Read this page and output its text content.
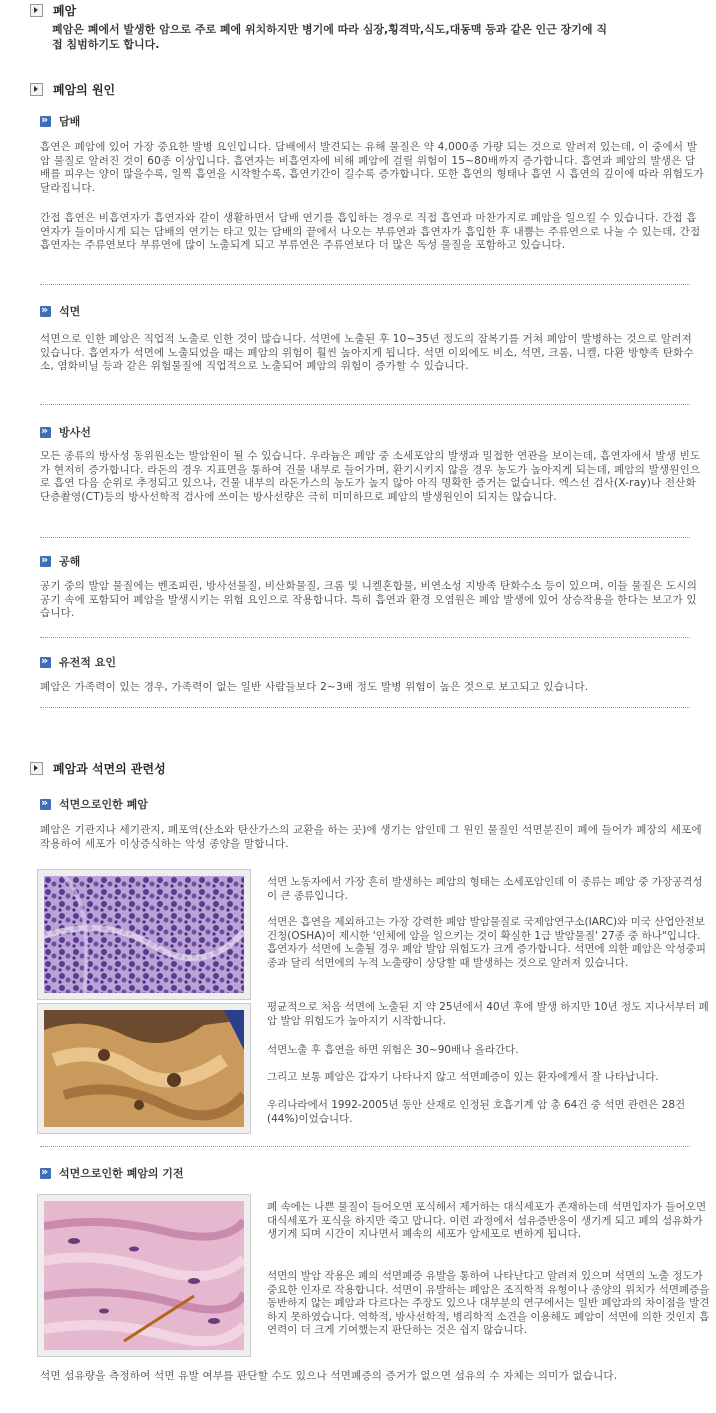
폐암
폐암은 폐에서 발생한 암으로 주로 폐에 위치하지만 병기에 따라 심장,횡격막,식도,대동맥 등과 같은 인근 장기에 직접 침범하기도 합니다.
폐암의 원인
»
담배
흡연은 폐암에 있어 가장 중요한 발병 요인입니다. 담배에서 발견되는 유해 물질은 약 4,000종 가량 되는 것으로 알려져 있는데, 이 중에서 발암 물질로 알려진 것이 60종 이상입니다. 흡연자는 비흡연자에 비해 폐암에 걸릴 위험이 15~80배까지 증가합니다. 흡연과 폐암의 발생은 담배를 피우는 양이 많을수록, 일찍 흡연을 시작할수록, 흡연기간이 길수록 증가합니다. 또한 흡연의 형태나 흡연 시 흡연의 깊이에 따라 위험도가 달라집니다.
간접 흡연은 비흡연자가 흡연자와 같이 생활하면서 담배 연기를 흡입하는 경우로 직접 흡연과 마찬가지로 폐암을 일으킬 수 있습니다. 간접 흡연자가 들이마시게 되는 담배의 연기는 타고 있는 담배의 끝에서 나오는 부류연과 흡연자가 흡입한 후 내뿜는 주류연으로 나눌 수 있는데, 간접 흡연자는 주류연보다 부류연에 많이 노출되게 되고 부류연은 주류연보다 더 많은 독성 물질을 포함하고 있습니다.
»
석면
석면으로 인한 폐암은 직업적 노출로 인한 것이 많습니다. 석면에 노출된 후 10~35년 정도의 잠복기를 거쳐 폐암이 발병하는 것으로 알려져 있습니다. 흡연자가 석면에 노출되었을 때는 폐암의 위험이 훨씬 높아지게 됩니다. 석면 이외에도 비소, 석면, 크롬, 니켈, 다환 방향족 탄화수소, 염화비닐 등과 같은 위험물질에 직업적으로 노출되어 폐암의 위험이 증가할 수 있습니다.
»
방사선
모든 종류의 방사성 동위원소는 발암원이 될 수 있습니다. 우라늄은 폐암 중 소세포암의 발생과 밀접한 연관을 보이는데, 흡연자에서 발생 빈도가 현저히 증가합니다. 라돈의 경우 지표면을 통하여 건물 내부로 들어가며, 환기시키지 않을 경우 농도가 높아지게 되는데, 폐암의 발생원인으로 흡연 다음 순위로 추정되고 있으나, 건물 내부의 라돈가스의 농도가 높지 않아 아직 명확한 증거는 없습니다. 엑스선 검사(X-ray)나 전산화단층촬영(CT)등의 방사선학적 검사에 쓰이는 방사선량은 극히 미미하므로 폐암의 발생원인이 되지는 않습니다.
»
공해
공기 중의 발암 물질에는 벤조피린, 방사선물질, 비산화물질, 크롬 및 니켈혼합물, 비연소성 지방족 탄화수소 등이 있으며, 이들 물질은 도시의 공기 속에 포함되어 폐암을 발생시키는 위험 요인으로 작용합니다. 특히 흡연과 환경 오염원은 폐암 발생에 있어 상승작용을 한다는 보고가 있습니다.
»
유전적 요인
폐암은 가족력이 있는 경우, 가족력이 없는 일반 사람들보다 2~3배 정도 발병 위험이 높은 것으로 보고되고 있습니다.
폐암과 석면의 관련성
»
석면으로인한 폐암
폐암은 기관지나 세기관지, 폐포역(산소와 탄산가스의 교환을 하는 곳)에 생기는 암인데 그 원인 물질인 석면분진이 폐에 들어가 폐장의 세포에 작용하여 세포가 이상증식하는 악성 종양을 말합니다.
석면 노동자에서 가장 흔히 발생하는 폐암의 형태는 소세포암인데 이 종류는 폐암 중 가장공격성이 큰 종류입니다.
석면은 흡연을 제외하고는 가장 강력한 폐암 발암물질로 국제암연구소(IARC)와 미국 산업안전보건청(OSHA)이 제시한 '인체에 암을 일으키는 것이 확실한 1급 발암물질' 27종 중 하나"입니다. 흡연자가 석면에 노출될 경우 폐암 발암 위험도가 크게 증가합니다. 석면에 의한 폐암은 악성중피종과 달리 석면에의 누적 노출량이 상당할 때 발생하는 것으로 알려져 있습니다.
평균적으로 처음 석면에 노출된 지 약 25년에서 40년 후에 발생 하지만 10년 정도 지나서부터 폐암 발암 위험도가 높아지기 시작합니다.
석면노출 후 흡연을 하면 위험은 30~90배나 올라간다.
그리고 보통 폐암은 갑자기 나타나지 않고 석면폐증이 있는 환자에게서 잘 나타납니다.
우리나라에서 1992-2005년 동안 산재로 인정된 호흡기계 암 총 64건 중 석면 관련은 28건(44%)이었습니다.
»
석면으로인한 폐암의 기전
폐 속에는 나쁜 물질이 들어오면 포식해서 제거하는 대식세포가 존재하는데 석면입자가 들어오면 대식세포가 포식을 하지만 죽고 맙니다. 이런 과정에서 섬유증반응이 생기게 되고 폐의 섬유화가 생기게 되며 시간이 지나면서 폐속의 세포가 암세포로 변하게 됩니다.
석면의 발암 작용은 폐의 석면폐증 유발을 통하여 나타난다고 알려져 있으며 석면의 노출 정도가 중요한 인자로 작용합니다. 석면이 유발하는 폐암은 조직학적 유형이나 종양의 위치가 석면폐증을 동반하지 않는 폐암과 다르다는 주장도 있으나 대부분의 연구에서는 일반 폐암과의 차이점을 발견하지 못하였습니다. 역학적, 방사선학적, 병리학적 소견을 이용해도 폐암이 석면에 의한 것인지 흡연력이 더 크게 기여했는지 판단하는 것은 쉽지 않습니다.
석면 섬유량을 측정하여 석면 유발 여부를 판단할 수도 있으나 석면폐증의 증거가 없으면 섬유의 수 자체는 의미가 없습니다.
